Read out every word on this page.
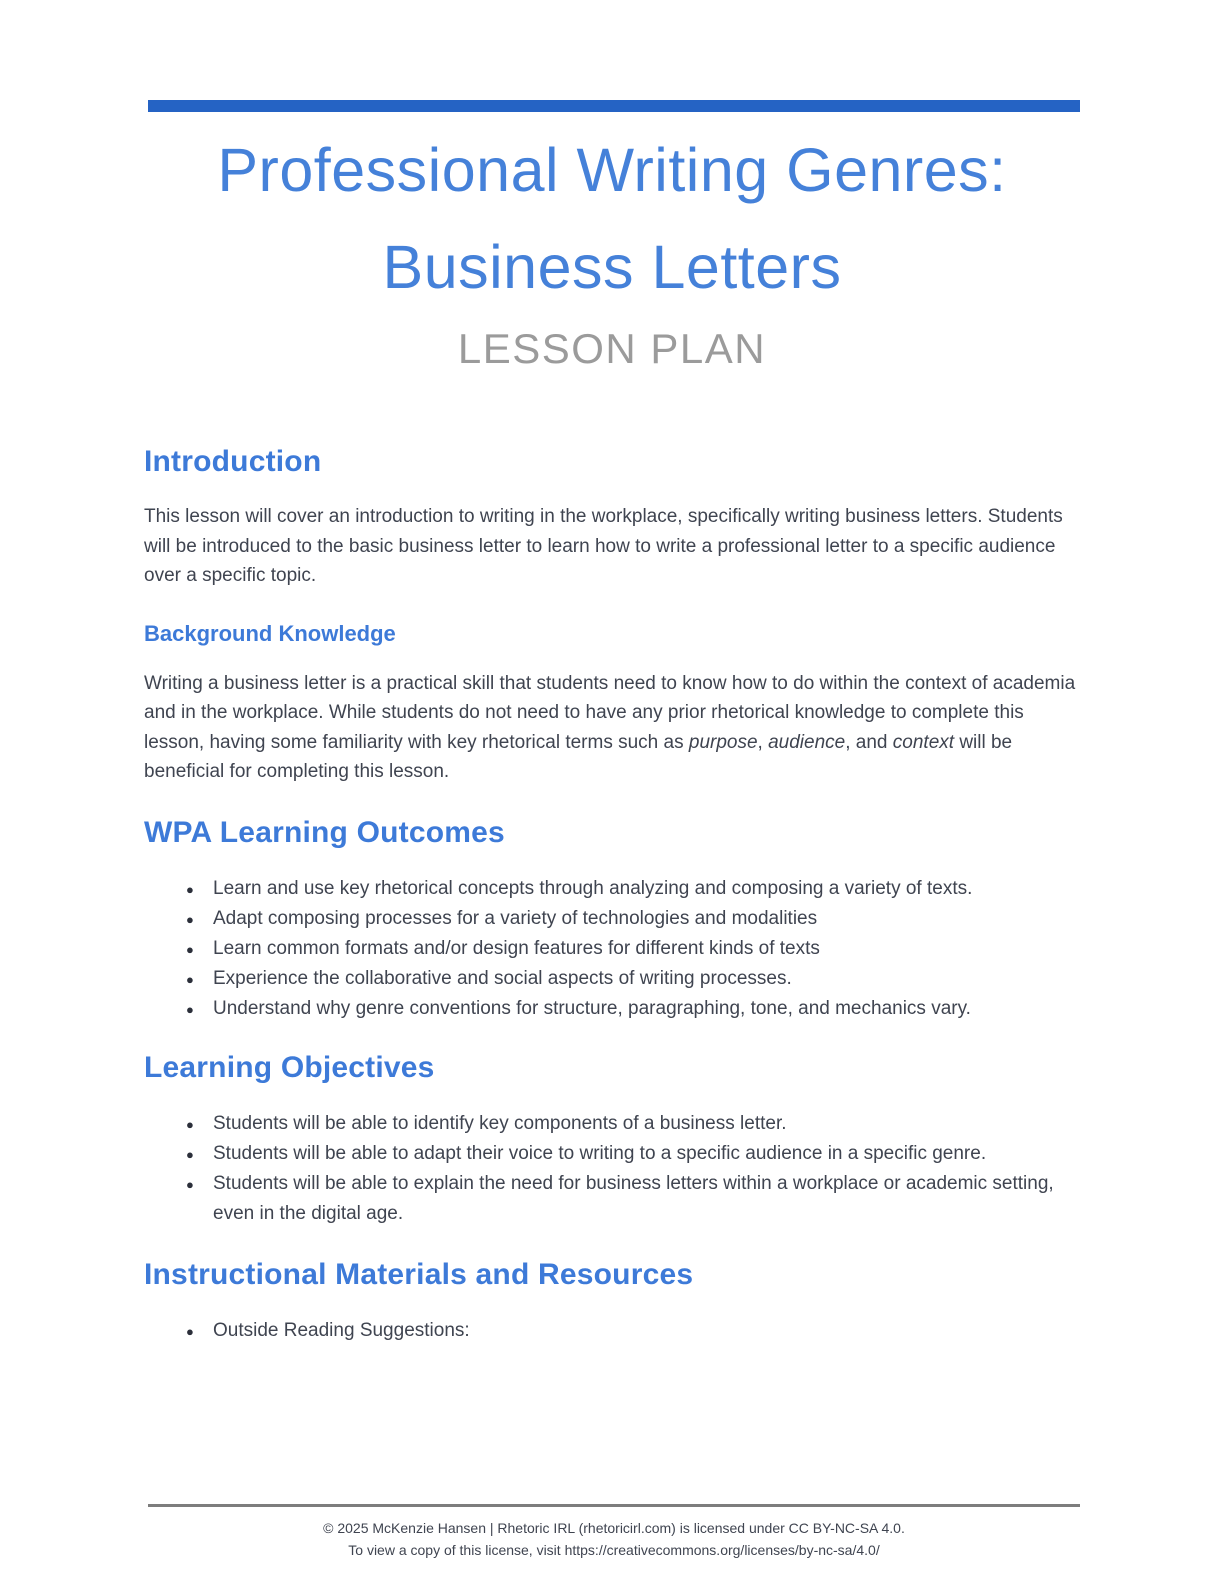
Professional Writing Genres:
Business Letters
LESSON PLAN
Introduction

This lesson will cover an introduction to writing in the workplace, specifically writing business letters. Students will be introduced to the basic business letter to learn how to write a professional letter to a specific audience over a specific topic.

Background Knowledge

Writing a business letter is a practical skill that students need to know how to do within the context of academia and in the workplace. While students do not need to have any prior rhetorical knowledge to complete this lesson, having some familiarity with key rhetorical terms such as purpose, audience, and context will be beneficial for completing this lesson.

WPA Learning Outcomes
● Learn and use key rhetorical concepts through analyzing and composing a variety of texts.
● Adapt composing processes for a variety of technologies and modalities
● Learn common formats and/or design features for different kinds of texts
● Experience the collaborative and social aspects of writing processes.
● Understand why genre conventions for structure, paragraphing, tone, and mechanics vary.
Learning Objectives
● Students will be able to identify key components of a business letter.
● Students will be able to adapt their voice to writing to a specific audience in a specific genre.
● Students will be able to explain the need for business letters within a workplace or academic setting, even in the digital age.
Instructional Materials and Resources
● Outside Reading Suggestions:
© 2025 McKenzie Hansen | Rhetoric IRL (rhetoricirl.com) is licensed under CC BY-NC-SA 4.0.
To view a copy of this license, visit https://creativecommons.org/licenses/by-nc-sa/4.0/
